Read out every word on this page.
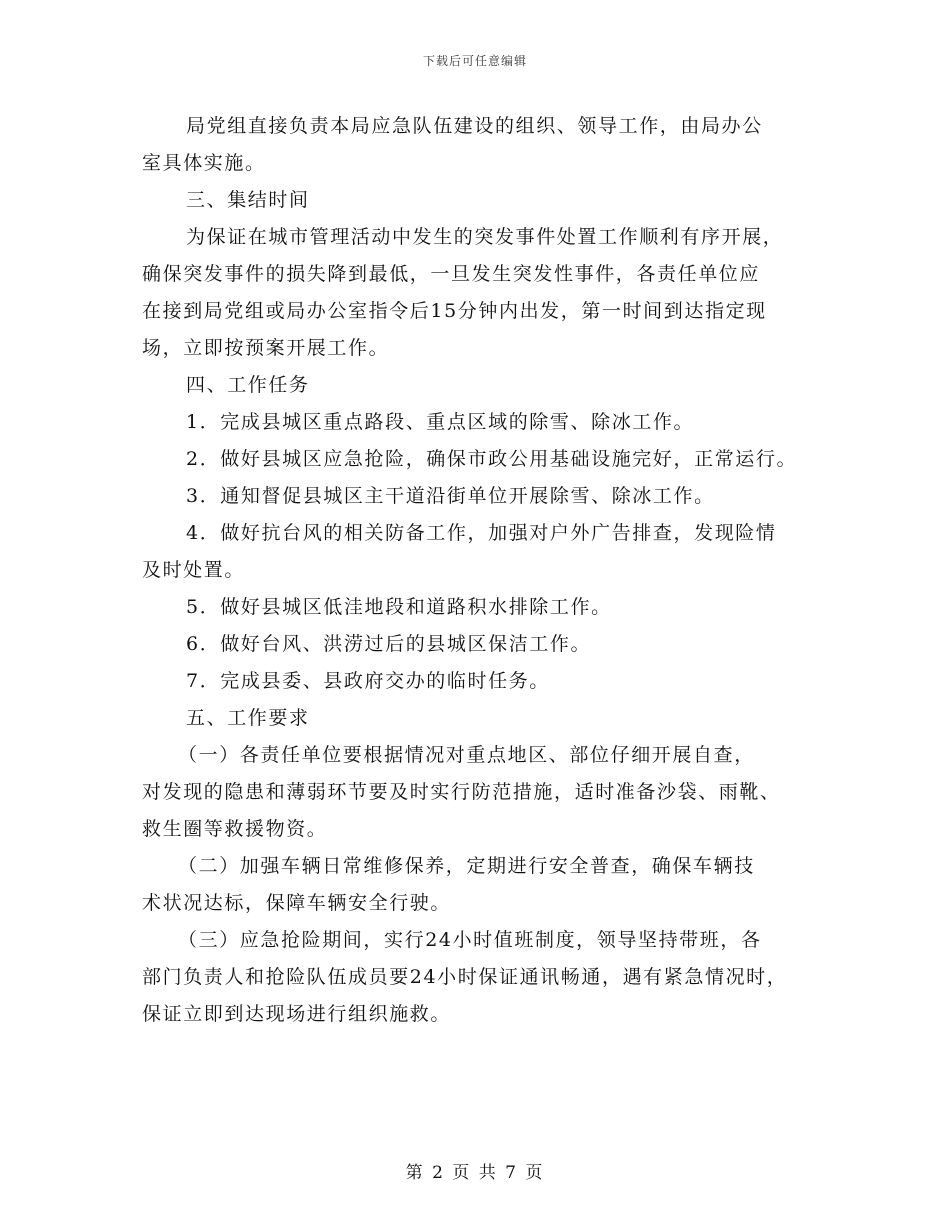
下载后可任意编辑
局党组直接负责本局应急队伍建设的组织、领导工作，由局办公
室具体实施。
三、集结时间
为保证在城市管理活动中发生的突发事件处置工作顺利有序开展，
确保突发事件的损失降到最低，一旦发生突发性事件，各责任单位应
在接到局党组或局办公室指令后15分钟内出发，第一时间到达指定现
场，立即按预案开展工作。
四、工作任务
1．完成县城区重点路段、重点区域的除雪、除冰工作。
2．做好县城区应急抢险，确保市政公用基础设施完好，正常运行。
3．通知督促县城区主干道沿街单位开展除雪、除冰工作。
4．做好抗台风的相关防备工作，加强对户外广告排查，发现险情
及时处置。
5．做好县城区低洼地段和道路积水排除工作。
6．做好台风、洪涝过后的县城区保洁工作。
7．完成县委、县政府交办的临时任务。
五、工作要求
（一）各责任单位要根据情况对重点地区、部位仔细开展自查，
对发现的隐患和薄弱环节要及时实行防范措施，适时准备沙袋、雨靴、
救生圈等救援物资。
（二）加强车辆日常维修保养，定期进行安全普查，确保车辆技
术状况达标，保障车辆安全行驶。
（三）应急抢险期间，实行24小时值班制度，领导坚持带班，各
部门负责人和抢险队伍成员要24小时保证通讯畅通，遇有紧急情况时，
保证立即到达现场进行组织施救。
第 2 页 共 7 页
